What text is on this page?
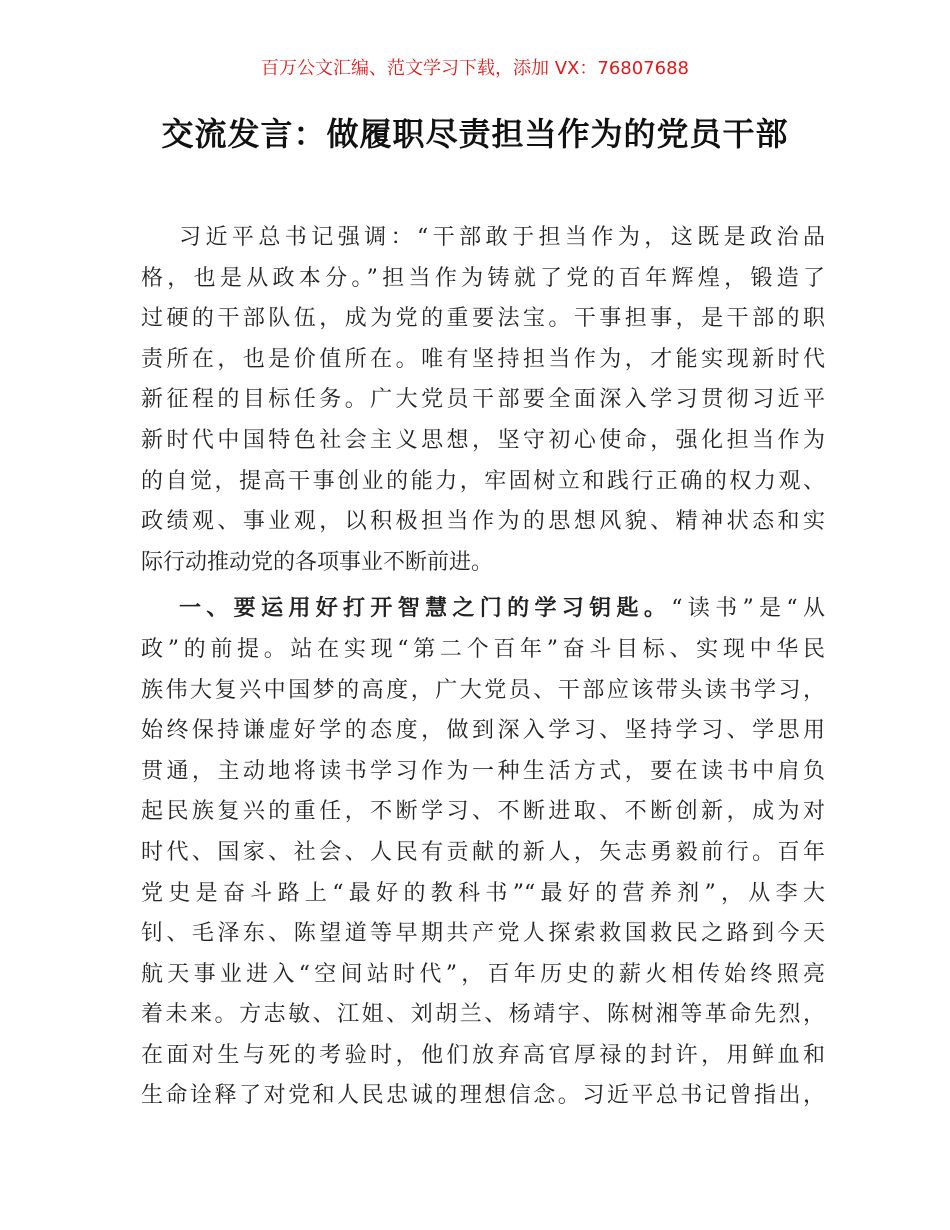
百万公文汇编、范文学习下载，添加 VX：76807688
交流发言：做履职尽责担当作为的党员干部
习近平总书记强调：“干部敢于担当作为，这既是政治品
格，也是从政本分。”担当作为铸就了党的百年辉煌，锻造了
过硬的干部队伍，成为党的重要法宝。干事担事，是干部的职
责所在，也是价值所在。唯有坚持担当作为，才能实现新时代
新征程的目标任务。广大党员干部要全面深入学习贯彻习近平
新时代中国特色社会主义思想，坚守初心使命，强化担当作为
的自觉，提高干事创业的能力，牢固树立和践行正确的权力观、
政绩观、事业观，以积极担当作为的思想风貌、精神状态和实
际行动推动党的各项事业不断前进。
一、要运用好打开智慧之门的学习钥匙。“读书”是“从
政”的前提。站在实现“第二个百年”奋斗目标、实现中华民
族伟大复兴中国梦的高度，广大党员、干部应该带头读书学习，
始终保持谦虚好学的态度，做到深入学习、坚持学习、学思用
贯通，主动地将读书学习作为一种生活方式，要在读书中肩负
起民族复兴的重任，不断学习、不断进取、不断创新，成为对
时代、国家、社会、人民有贡献的新人，矢志勇毅前行。百年
党史是奋斗路上“最好的教科书”“最好的营养剂”，从李大
钊、毛泽东、陈望道等早期共产党人探索救国救民之路到今天
航天事业进入“空间站时代”，百年历史的薪火相传始终照亮
着未来。方志敏、江姐、刘胡兰、杨靖宇、陈树湘等革命先烈，
在面对生与死的考验时，他们放弃高官厚禄的封许，用鲜血和
生命诠释了对党和人民忠诚的理想信念。习近平总书记曾指出，
